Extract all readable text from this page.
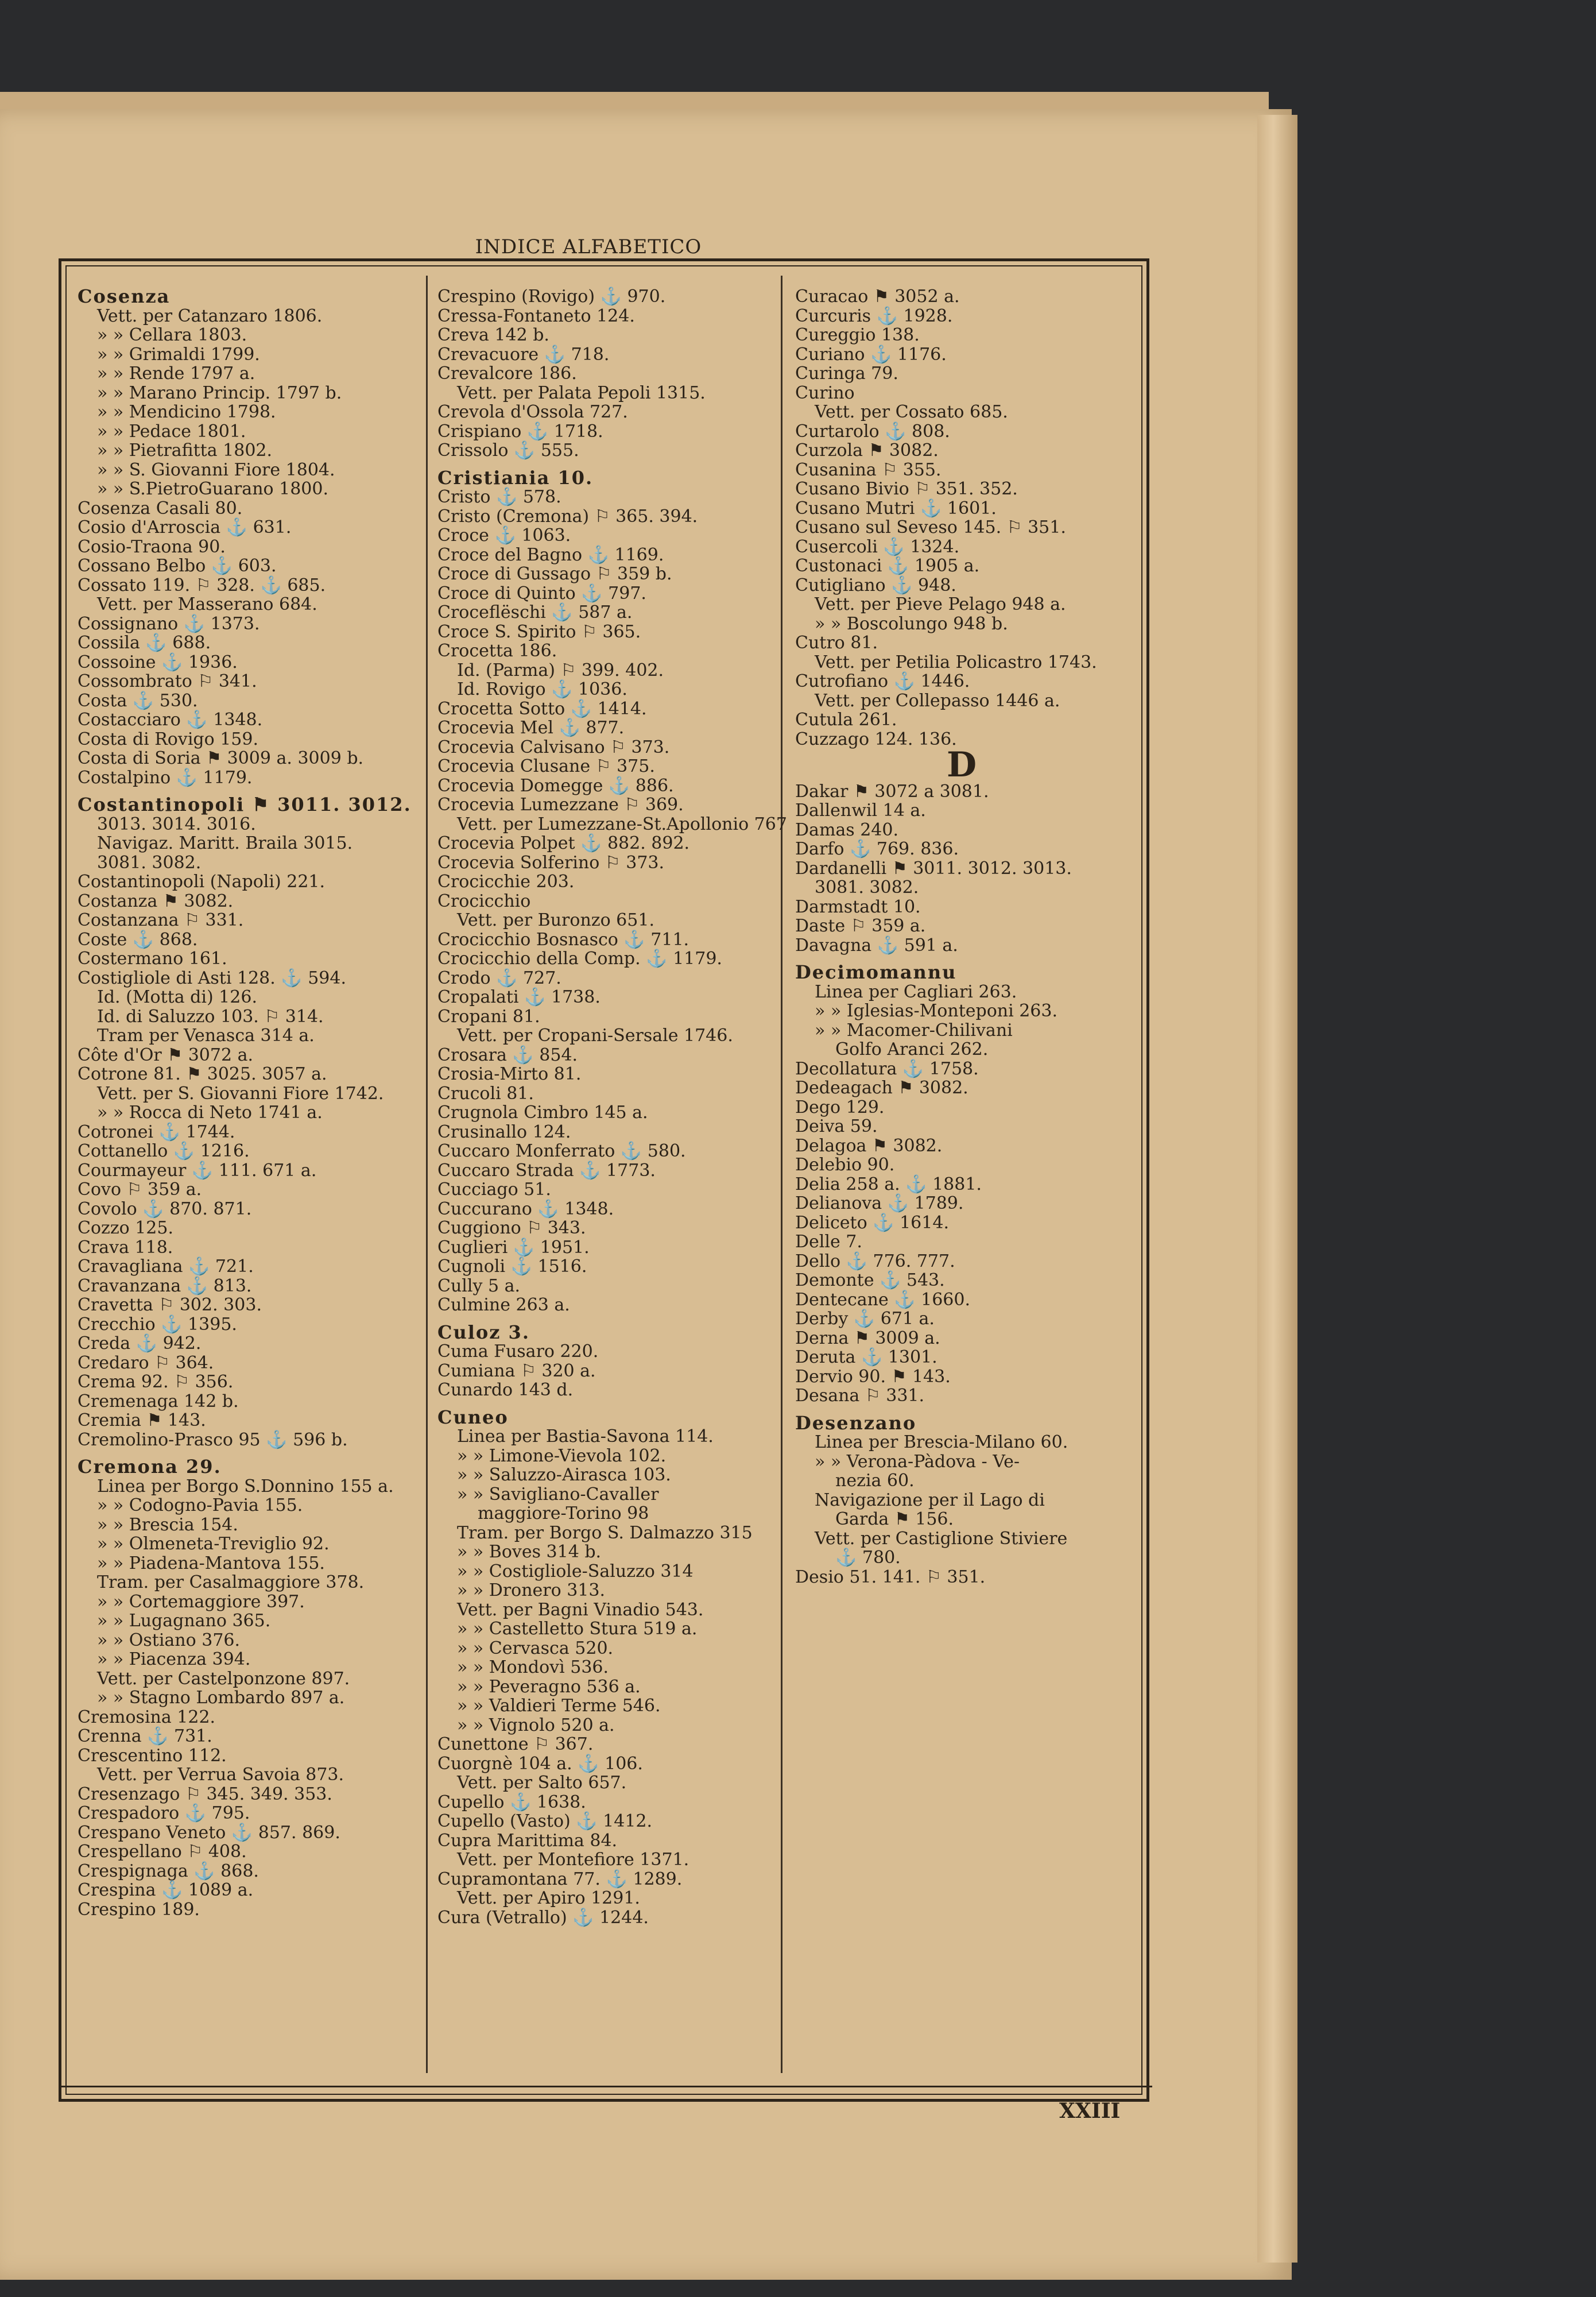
INDICE ALFABETICO
Cosenza
Vett. per Catanzaro 1806.
» » Cellara 1803.
» » Grimaldi 1799.
» » Rende 1797 a.
» » Marano Princip. 1797 b.
» » Mendicino 1798.
» » Pedace 1801.
» » Pietrafitta 1802.
» » S. Giovanni Fiore 1804.
» » S.PietroGuarano 1800.
Cosenza Casali 80.
Cosio d'Arroscia ⚓ 631.
Cosio-Traona 90.
Cossano Belbo ⚓ 603.
Cossato 119. ⚐ 328. ⚓ 685.
Vett. per Masserano 684.
Cossignano ⚓ 1373.
Cossila ⚓ 688.
Cossoine ⚓ 1936.
Cossombrato ⚐ 341.
Costa ⚓ 530.
Costacciaro ⚓ 1348.
Costa di Rovigo 159.
Costa di Soria ⚑ 3009 a. 3009 b.
Costalpino ⚓ 1179.
Costantinopoli ⚑ 3011. 3012.
3013. 3014. 3016.
Navigaz. Maritt. Braila 3015.
3081. 3082.
Costantinopoli (Napoli) 221.
Costanza ⚑ 3082.
Costanzana ⚐ 331.
Coste ⚓ 868.
Costermano 161.
Costigliole di Asti 128. ⚓ 594.
Id. (Motta di) 126.
Id. di Saluzzo 103. ⚐ 314.
Tram per Venasca 314 a.
Côte d'Or ⚑ 3072 a.
Cotrone 81. ⚑ 3025. 3057 a.
Vett. per S. Giovanni Fiore 1742.
» » Rocca di Neto 1741 a.
Cotronei ⚓ 1744.
Cottanello ⚓ 1216.
Courmayeur ⚓ 111. 671 a.
Covo ⚐ 359 a.
Covolo ⚓ 870. 871.
Cozzo 125.
Crava 118.
Cravagliana ⚓ 721.
Cravanzana ⚓ 813.
Cravetta ⚐ 302. 303.
Crecchio ⚓ 1395.
Creda ⚓ 942.
Credaro ⚐ 364.
Crema 92. ⚐ 356.
Cremenaga 142 b.
Cremia ⚑ 143.
Cremolino-Prasco 95 ⚓ 596 b.
Cremona 29.
Linea per Borgo S.Donnino 155 a.
» » Codogno-Pavia 155.
» » Brescia 154.
» » Olmeneta-Treviglio 92.
» » Piadena-Mantova 155.
Tram. per Casalmaggiore 378.
» » Cortemaggiore 397.
» » Lugagnano 365.
» » Ostiano 376.
» » Piacenza 394.
Vett. per Castelponzone 897.
» » Stagno Lombardo 897 a.
Cremosina 122.
Crenna ⚓ 731.
Crescentino 112.
Vett. per Verrua Savoia 873.
Cresenzago ⚐ 345. 349. 353.
Crespadoro ⚓ 795.
Crespano Veneto ⚓ 857. 869.
Crespellano ⚐ 408.
Crespignaga ⚓ 868.
Crespina ⚓ 1089 a.
Crespino 189.
Crespino (Rovigo) ⚓ 970.
Cressa-Fontaneto 124.
Creva 142 b.
Crevacuore ⚓ 718.
Crevalcore 186.
Vett. per Palata Pepoli 1315.
Crevola d'Ossola 727.
Crispiano ⚓ 1718.
Crissolo ⚓ 555.
Cristiania 10.
Cristo ⚓ 578.
Cristo (Cremona) ⚐ 365. 394.
Croce ⚓ 1063.
Croce del Bagno ⚓ 1169.
Croce di Gussago ⚐ 359 b.
Croce di Quinto ⚓ 797.
Croceflëschi ⚓ 587 a.
Croce S. Spirito ⚐ 365.
Crocetta 186.
Id. (Parma) ⚐ 399. 402.
Id. Rovigo ⚓ 1036.
Crocetta Sotto ⚓ 1414.
Crocevia Mel ⚓ 877.
Crocevia Calvisano ⚐ 373.
Crocevia Clusane ⚐ 375.
Crocevia Domegge ⚓ 886.
Crocevia Lumezzane ⚐ 369.
Vett. per Lumezzane-St.Apollonio 767
Crocevia Polpet ⚓ 882. 892.
Crocevia Solferino ⚐ 373.
Crocicchie 203.
Crocicchio
Vett. per Buronzo 651.
Crocicchio Bosnasco ⚓ 711.
Crocicchio della Comp. ⚓ 1179.
Crodo ⚓ 727.
Cropalati ⚓ 1738.
Cropani 81.
Vett. per Cropani-Sersale 1746.
Crosara ⚓ 854.
Crosia-Mirto 81.
Crucoli 81.
Crugnola Cimbro 145 a.
Crusinallo 124.
Cuccaro Monferrato ⚓ 580.
Cuccaro Strada ⚓ 1773.
Cucciago 51.
Cuccurano ⚓ 1348.
Cuggiono ⚐ 343.
Cuglieri ⚓ 1951.
Cugnoli ⚓ 1516.
Cully 5 a.
Culmine 263 a.
Culoz 3.
Cuma Fusaro 220.
Cumiana ⚐ 320 a.
Cunardo 143 d.
Cuneo
Linea per Bastia-Savona 114.
» » Limone-Vievola 102.
» » Saluzzo-Airasca 103.
» » Savigliano-Cavaller
maggiore-Torino 98
Tram. per Borgo S. Dalmazzo 315
» » Boves 314 b.
» » Costigliole-Saluzzo 314
» » Dronero 313.
Vett. per Bagni Vinadio 543.
» » Castelletto Stura 519 a.
» » Cervasca 520.
» » Mondovì 536.
» » Peveragno 536 a.
» » Valdieri Terme 546.
» » Vignolo 520 a.
Cunettone ⚐ 367.
Cuorgnè 104 a. ⚓ 106.
Vett. per Salto 657.
Cupello ⚓ 1638.
Cupello (Vasto) ⚓ 1412.
Cupra Marittima 84.
Vett. per Montefiore 1371.
Cupramontana 77. ⚓ 1289.
Vett. per Apiro 1291.
Cura (Vetrallo) ⚓ 1244.
Curacao ⚑ 3052 a.
Curcuris ⚓ 1928.
Cureggio 138.
Curiano ⚓ 1176.
Curinga 79.
Curino
Vett. per Cossato 685.
Curtarolo ⚓ 808.
Curzola ⚑ 3082.
Cusanina ⚐ 355.
Cusano Bivio ⚐ 351. 352.
Cusano Mutri ⚓ 1601.
Cusano sul Seveso 145. ⚐ 351.
Cusercoli ⚓ 1324.
Custonaci ⚓ 1905 a.
Cutigliano ⚓ 948.
Vett. per Pieve Pelago 948 a.
» » Boscolungo 948 b.
Cutro 81.
Vett. per Petilia Policastro 1743.
Cutrofiano ⚓ 1446.
Vett. per Collepasso 1446 a.
Cutula 261.
Cuzzago 124. 136.
D
Dakar ⚑ 3072 a 3081.
Dallenwil 14 a.
Damas 240.
Darfo ⚓ 769. 836.
Dardanelli ⚑ 3011. 3012. 3013.
3081. 3082.
Darmstadt 10.
Daste ⚐ 359 a.
Davagna ⚓ 591 a.
Decimomannu
Linea per Cagliari 263.
» » Iglesias-Monteponi 263.
» » Macomer-Chilivani
Golfo Aranci 262.
Decollatura ⚓ 1758.
Dedeagach ⚑ 3082.
Dego 129.
Deiva 59.
Delagoa ⚑ 3082.
Delebio 90.
Delia 258 a. ⚓ 1881.
Delianova ⚓ 1789.
Deliceto ⚓ 1614.
Delle 7.
Dello ⚓ 776. 777.
Demonte ⚓ 543.
Dentecane ⚓ 1660.
Derby ⚓ 671 a.
Derna ⚑ 3009 a.
Deruta ⚓ 1301.
Dervio 90. ⚑ 143.
Desana ⚐ 331.
Desenzano
Linea per Brescia-Milano 60.
» » Verona-Pàdova - Ve-
nezia 60.
Navigazione per il Lago di
Garda ⚑ 156.
Vett. per Castiglione Stiviere
⚓ 780.
Desio 51. 141. ⚐ 351.
XXIII
